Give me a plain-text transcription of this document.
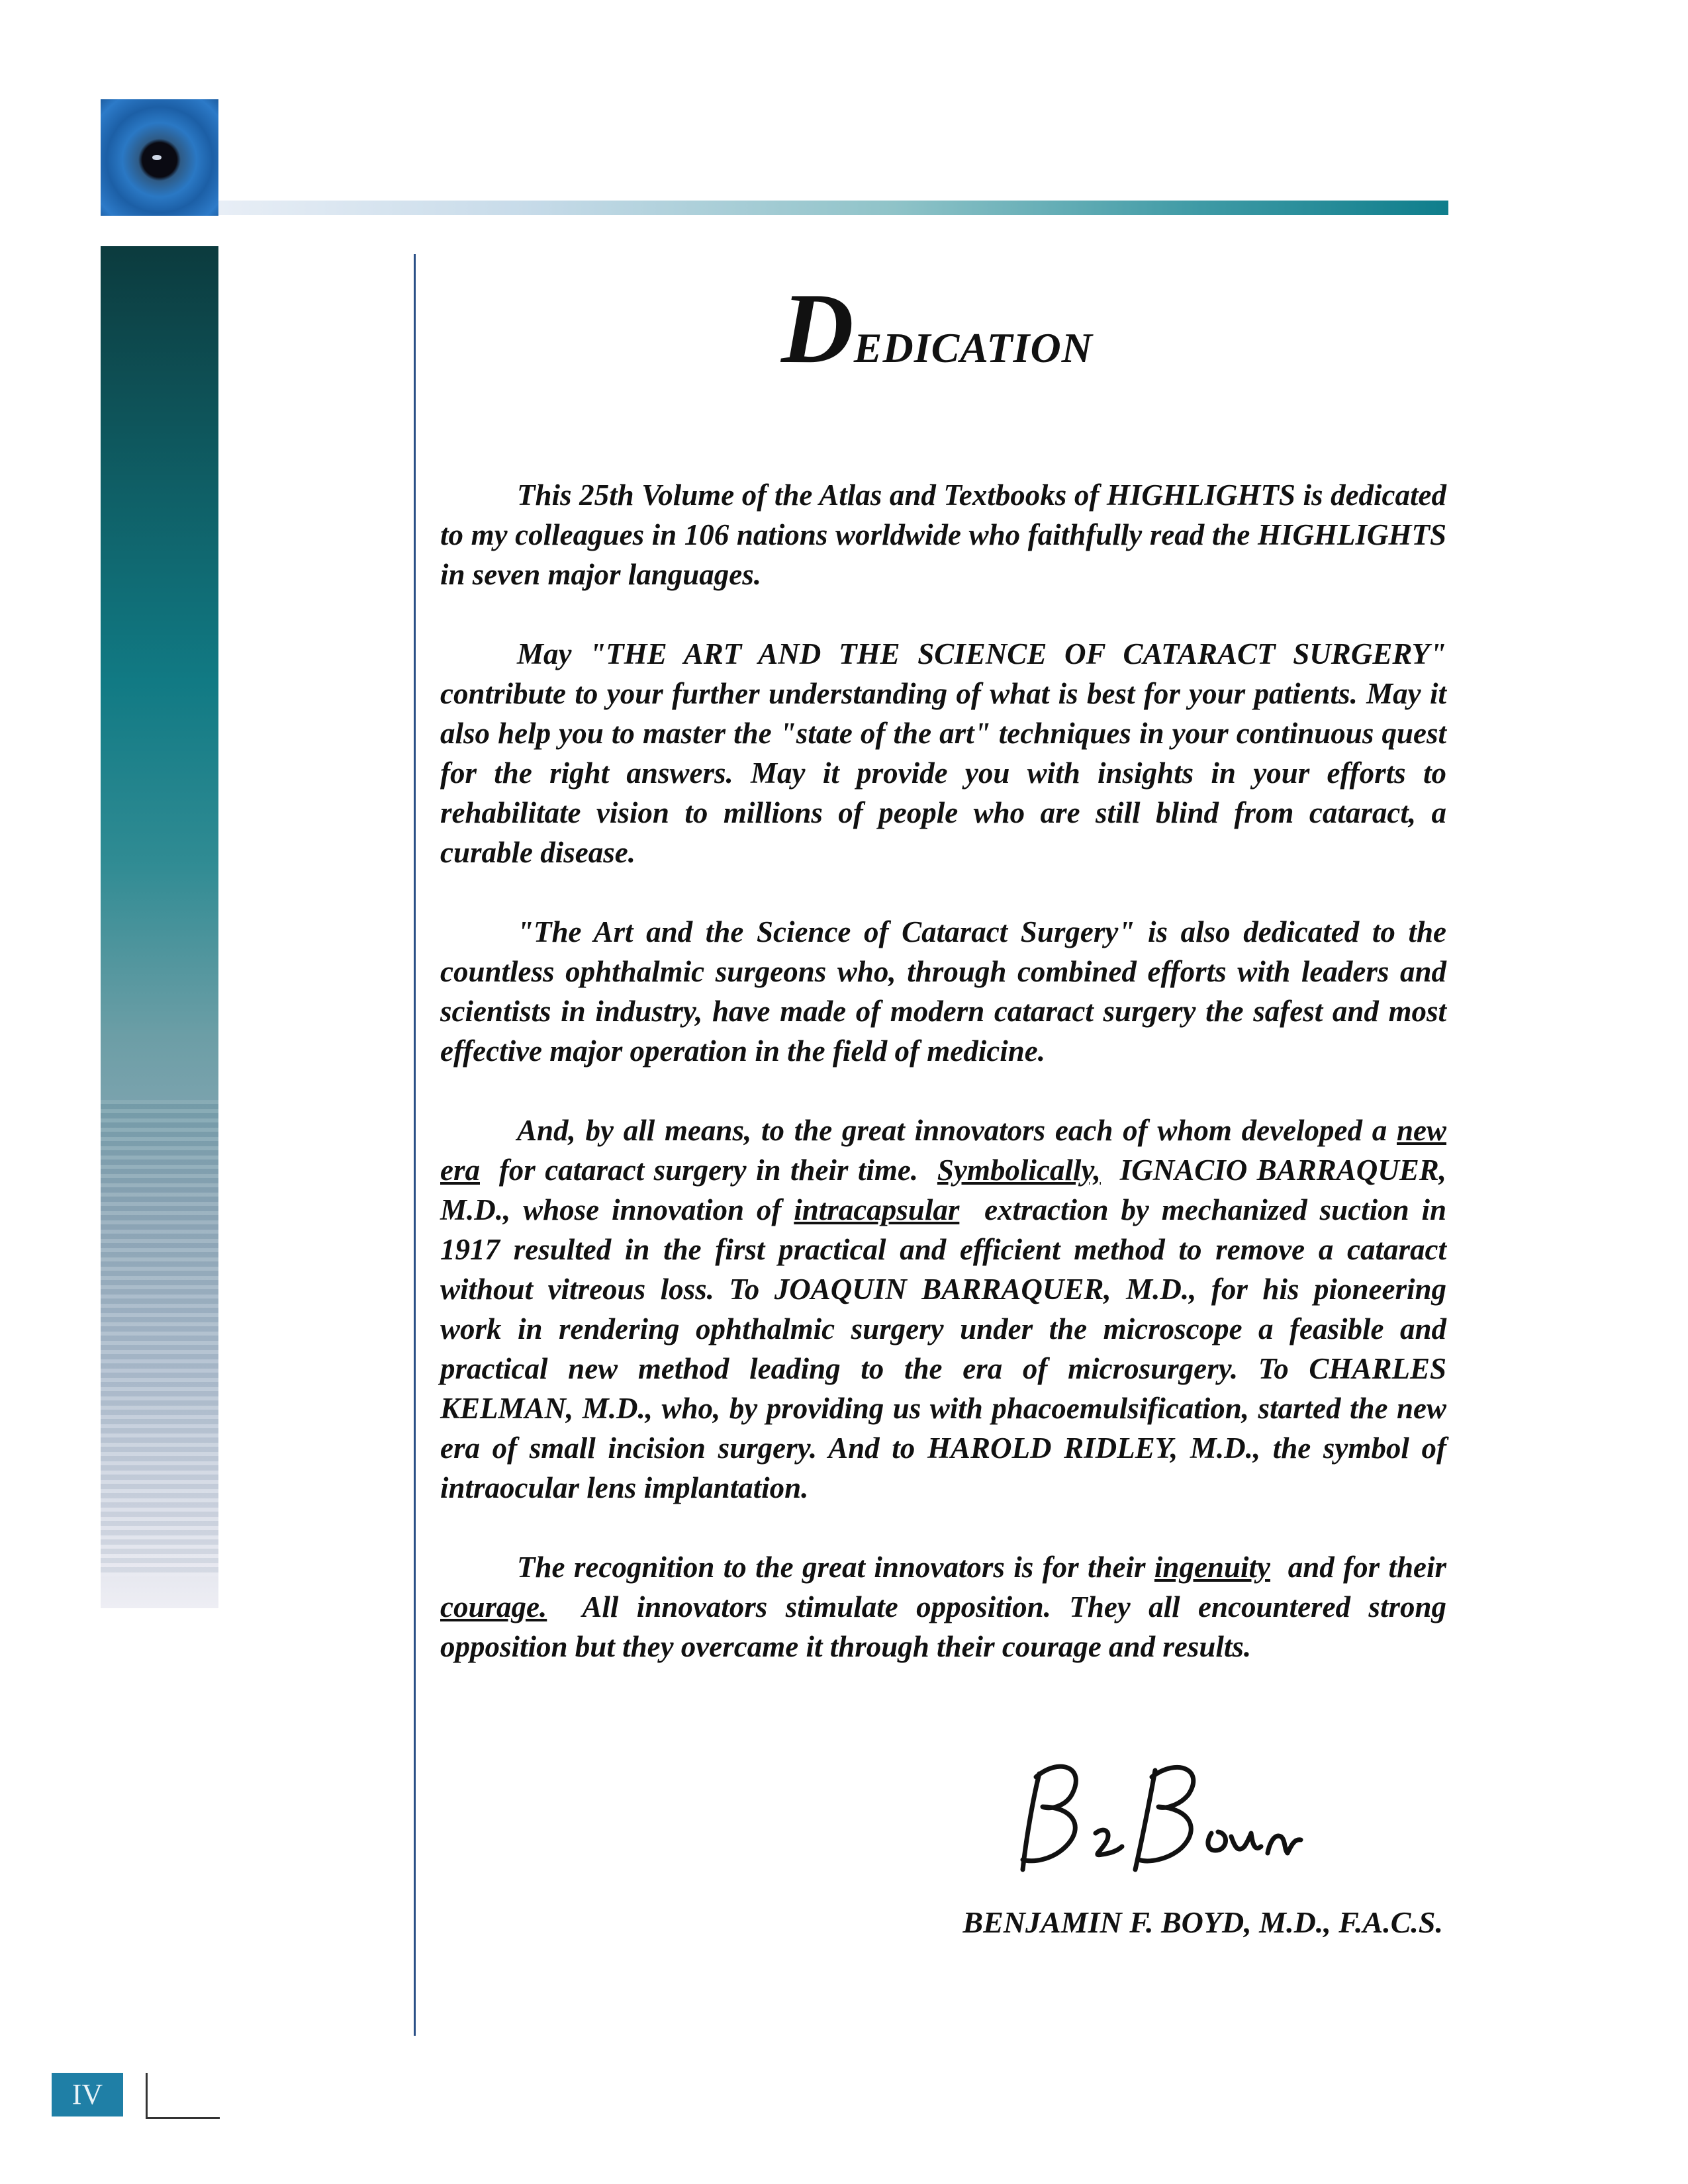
DEDICATION

This 25th Volume of the Atlas and Textbooks of HIGHLIGHTS is dedicated to my colleagues in 106 nations worldwide who faithfully read the HIGHLIGHTS in seven major languages.

May "THE ART AND THE SCIENCE OF CATARACT SURGERY" contribute to your further understanding of what is best for your patients. May it also help you to master the "state of the art" techniques in your continuous quest for the right answers. May it provide you with insights in your efforts to rehabilitate vision to millions of people who are still blind from cataract, a curable disease.

"The Art and the Science of Cataract Surgery" is also dedicated to the countless ophthalmic surgeons who, through combined efforts with leaders and scientists in industry, have made of modern cataract surgery the safest and most effective major operation in the field of medicine.

And, by all means, to the great innovators each of whom developed a new era for cataract surgery in their time. Symbolically, IGNACIO BARRAQUER, M.D., whose innovation of intracapsular extraction by mechanized suction in 1917 resulted in the first practical and efficient method to remove a cataract without vitreous loss. To JOAQUIN BARRAQUER, M.D., for his pioneering work in rendering ophthalmic surgery under the microscope a feasible and practical new method leading to the era of microsurgery. To CHARLES KELMAN, M.D., who, by providing us with phacoemulsification, started the new era of small incision surgery. And to HAROLD RIDLEY, M.D., the symbol of intraocular lens implantation.

The recognition to the great innovators is for their ingenuity and for their courage. All innovators stimulate opposition. They all encountered strong opposition but they overcame it through their courage and results.

BENJAMIN F. BOYD, M.D., F.A.C.S.
IV
